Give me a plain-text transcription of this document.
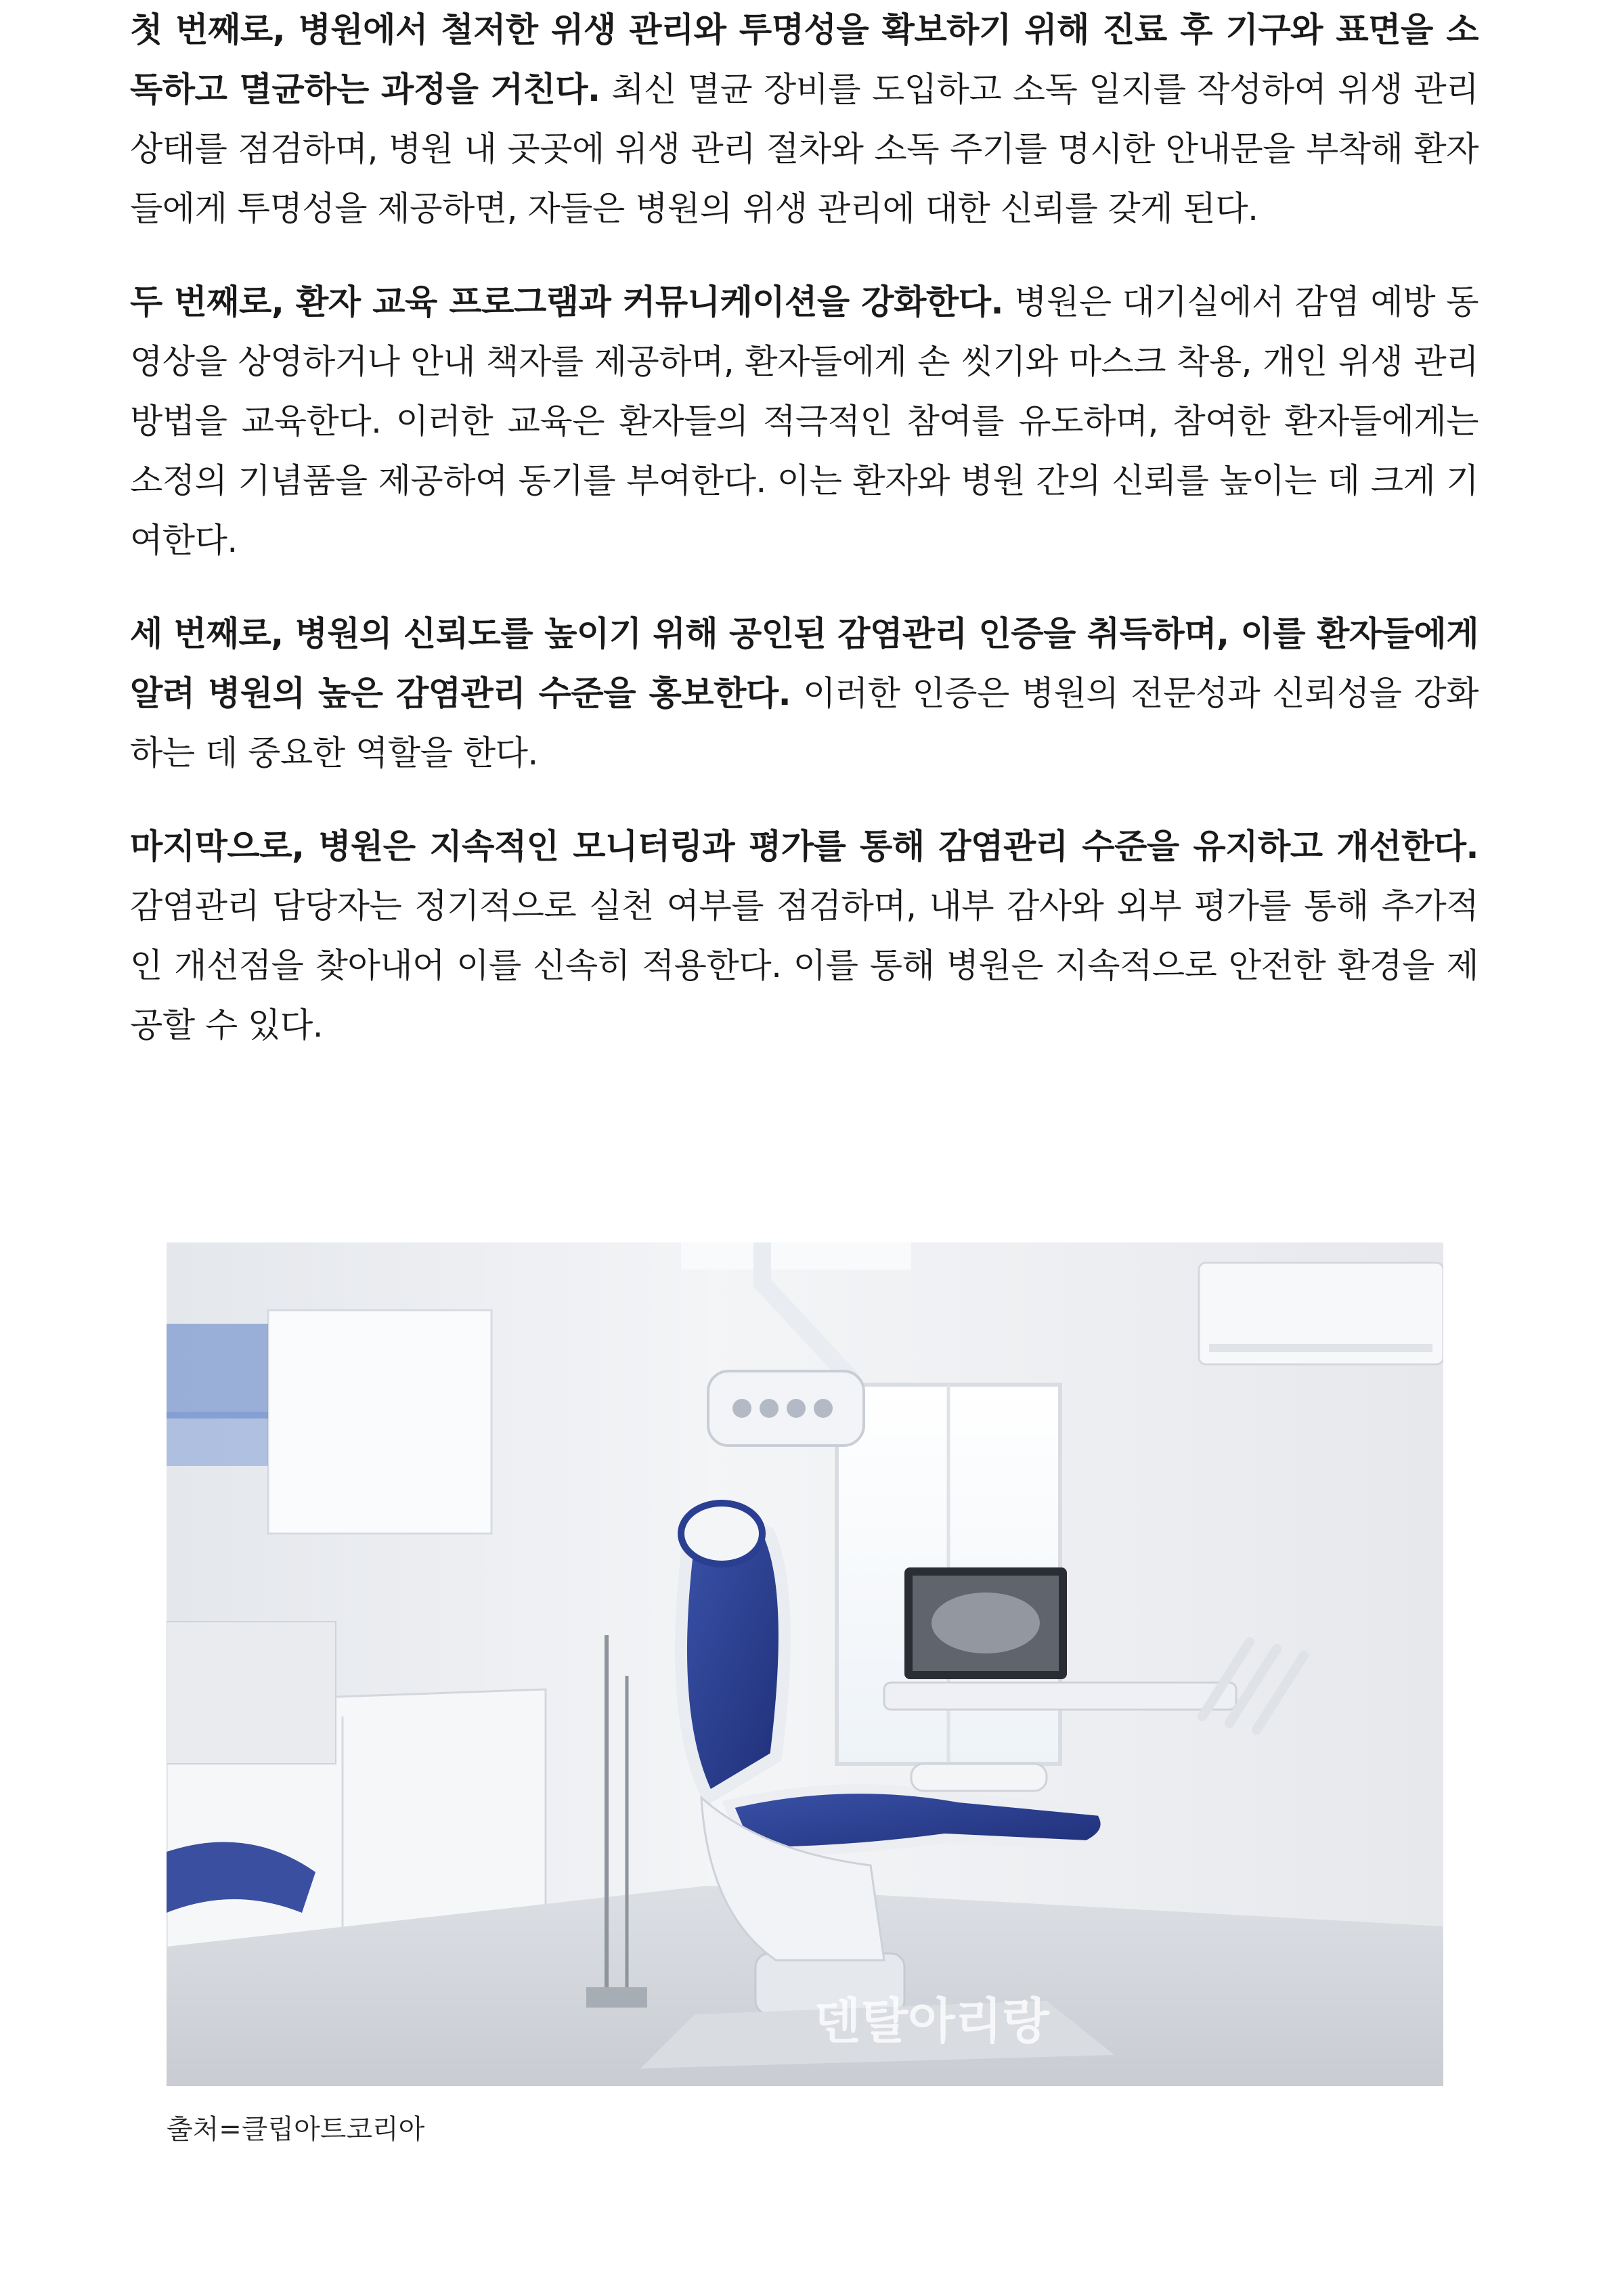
첫 번째로, 병원에서 철저한 위생 관리와 투명성을 확보하기 위해 진료 후 기구와 표면을 소독하고 멸균하는 과정을 거친다. 최신 멸균 장비를 도입하고 소독 일지를 작성하여 위생 관리 상태를 점검하며, 병원 내 곳곳에 위생 관리 절차와 소독 주기를 명시한 안내문을 부착해 환자들에게 투명성을 제공하면, 자들은 병원의 위생 관리에 대한 신뢰를 갖게 된다.

두 번째로, 환자 교육 프로그램과 커뮤니케이션을 강화한다. 병원은 대기실에서 감염 예방 동영상을 상영하거나 안내 책자를 제공하며, 환자들에게 손 씻기와 마스크 착용, 개인 위생 관리 방법을 교육한다. 이러한 교육은 환자들의 적극적인 참여를 유도하며, 참여한 환자들에게는 소정의 기념품을 제공하여 동기를 부여한다. 이는 환자와 병원 간의 신뢰를 높이는 데 크게 기여한다.

세 번째로, 병원의 신뢰도를 높이기 위해 공인된 감염관리 인증을 취득하며, 이를 환자들에게 알려 병원의 높은 감염관리 수준을 홍보한다. 이러한 인증은 병원의 전문성과 신뢰성을 강화하는 데 중요한 역할을 한다.

마지막으로, 병원은 지속적인 모니터링과 평가를 통해 감염관리 수준을 유지하고 개선한다. 감염관리 담당자는 정기적으로 실천 여부를 점검하며, 내부 감사와 외부 평가를 통해 추가적인 개선점을 찾아내어 이를 신속히 적용한다. 이를 통해 병원은 지속적으로 안전한 환경을 제공할 수 있다.

덴탈아리랑
출처=클립아트코리아
